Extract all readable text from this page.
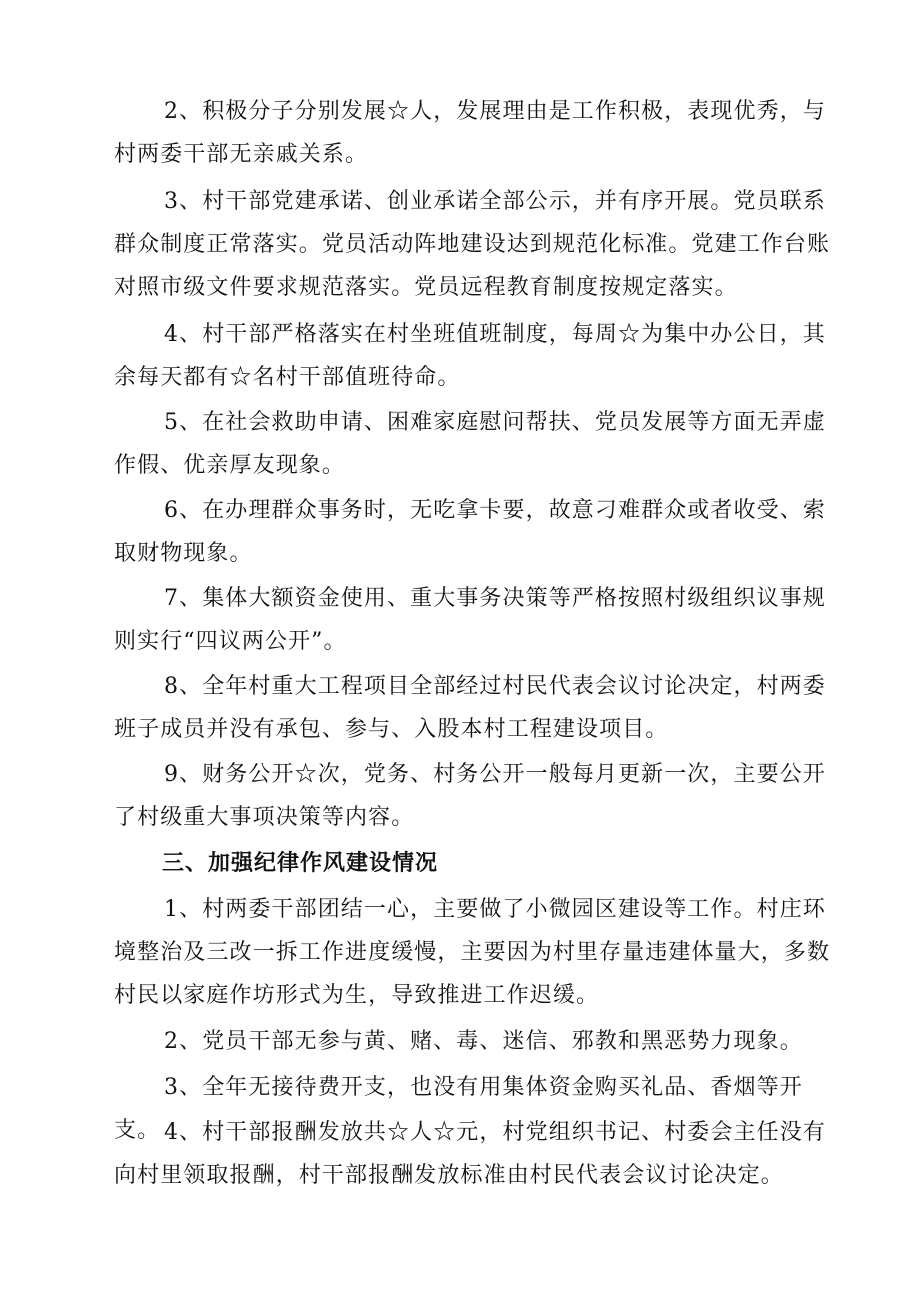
2、积极分子分别发展☆人，发展理由是工作积极，表现优秀，与村两委干部无亲戚关系。

3、村干部党建承诺、创业承诺全部公示，并有序开展。党员联系群众制度正常落实。党员活动阵地建设达到规范化标准。党建工作台账对照市级文件要求规范落实。党员远程教育制度按规定落实。

4、村干部严格落实在村坐班值班制度，每周☆为集中办公日，其余每天都有☆名村干部值班待命。

5、在社会救助申请、困难家庭慰问帮扶、党员发展等方面无弄虚作假、优亲厚友现象。

6、在办理群众事务时，无吃拿卡要，故意刁难群众或者收受、索取财物现象。

7、集体大额资金使用、重大事务决策等严格按照村级组织议事规则实行“四议两公开”。

8、全年村重大工程项目全部经过村民代表会议讨论决定，村两委班子成员并没有承包、参与、入股本村工程建设项目。

9、财务公开☆次，党务、村务公开一般每月更新一次，主要公开了村级重大事项决策等内容。

三、加强纪律作风建设情况

1、村两委干部团结一心，主要做了小微园区建设等工作。村庄环境整治及三改一拆工作进度缓慢，主要因为村里存量违建体量大，多数村民以家庭作坊形式为生，导致推进工作迟缓。

2、党员干部无参与黄、赌、毒、迷信、邪教和黑恶势力现象。

3、全年无接待费开支，也没有用集体资金购买礼品、香烟等开支。 4、村干部报酬发放共☆人☆元，村党组织书记、村委会主任没有向村里领取报酬，村干部报酬发放标准由村民代表会议讨论决定。
